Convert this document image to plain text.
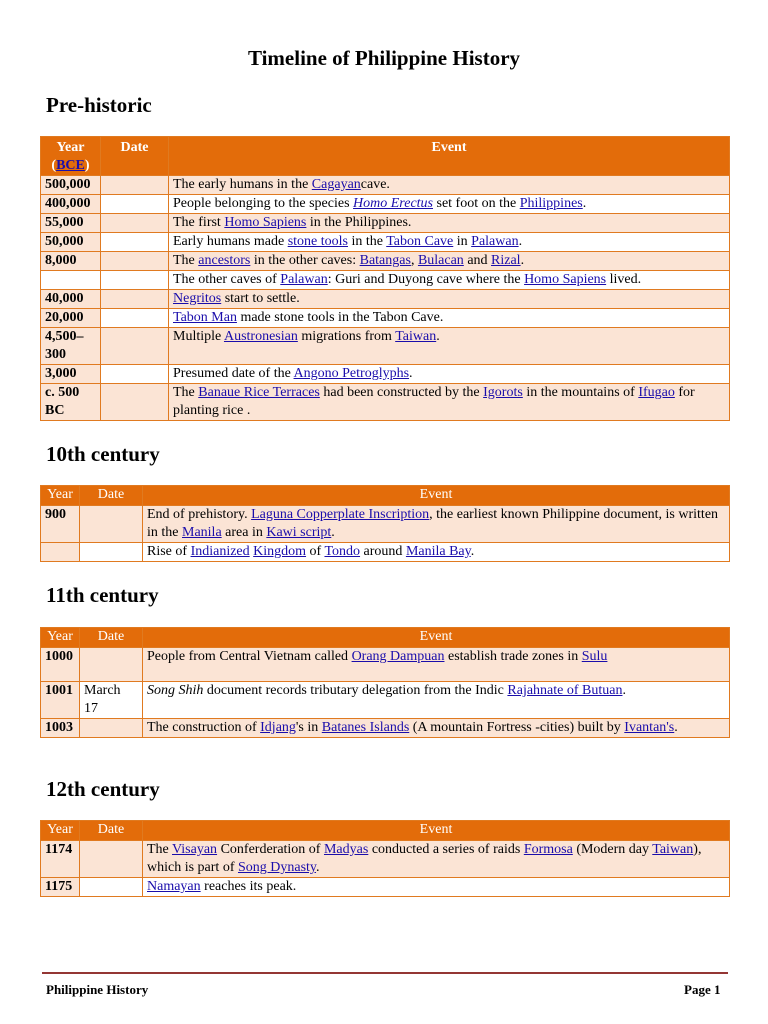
Timeline of Philippine History
Pre-historic
Year
(BCE)	Date	Event
500,000		The early humans in the Cagayancave.
400,000		People belonging to the species Homo Erectus set foot on the Philippines.
55,000		The first Homo Sapiens in the Philippines.
50,000		Early humans made stone tools in the Tabon Cave in Palawan.
8,000		The ancestors in the other caves: Batangas, Bulacan and Rizal.
		The other caves of Palawan: Guri and Duyong cave where the Homo Sapiens lived.
40,000		Negritos start to settle.
20,000		Tabon Man made stone tools in the Tabon Cave.
4,500–300		Multiple Austronesian migrations from Taiwan.
3,000		Presumed date of the Angono Petroglyphs.
c. 500 BC		The Banaue Rice Terraces had been constructed by the Igorots in the mountains of Ifugao for planting rice .
10th century
Year	Date	Event
900		End of prehistory. Laguna Copperplate Inscription, the earliest known Philippine document, is written in the Manila area in Kawi script.
		Rise of Indianized Kingdom of Tondo around Manila Bay.
11th century
Year	Date	Event
1000		People from Central Vietnam called Orang Dampuan establish trade zones in Sulu
1001	March 17	Song Shih document records tributary delegation from the Indic Rajahnate of Butuan.
1003		The construction of Idjang's in Batanes Islands (A mountain Fortress -cities) built by Ivantan's.
12th century
Year	Date	Event
1174		The Visayan Conferderation of Madyas conducted a series of raids Formosa (Modern day Taiwan), which is part of Song Dynasty.
1175		Namayan reaches its peak.
Philippine History	Page 1
